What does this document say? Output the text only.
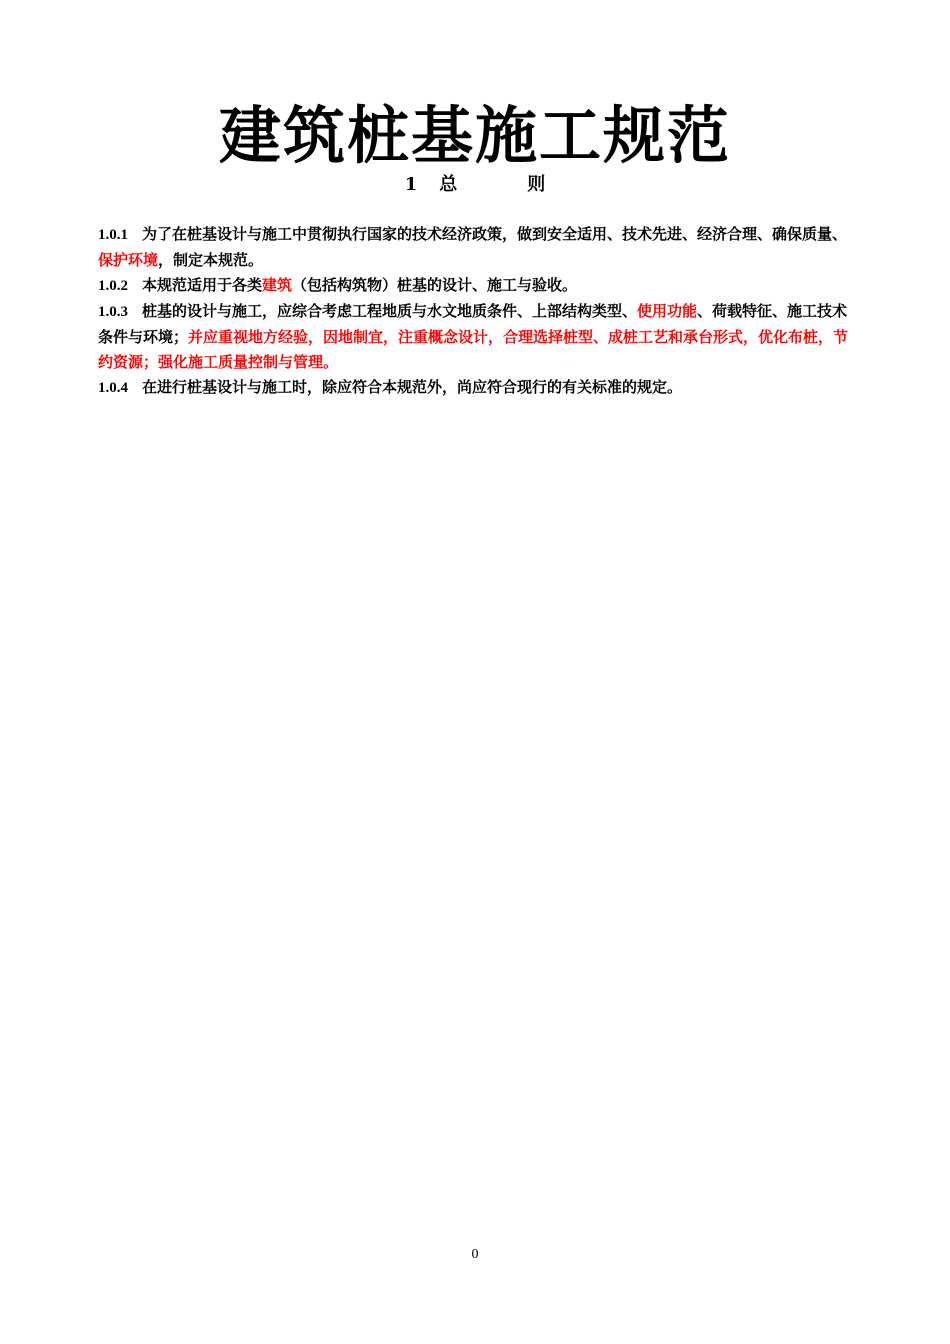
建筑桩基施工规范
1 总	则

1.0.1 为了在桩基设计与施工中贯彻执行国家的技术经济政策，做到安全适用、技术先进、经济合理、确保质量、保护环境，制定本规范。

1.0.2 本规范适用于各类建筑（包括构筑物）桩基的设计、施工与验收。

1.0.3 桩基的设计与施工，应综合考虑工程地质与水文地质条件、上部结构类型、使用功能、荷载特征、施工技术条件与环境；并应重视地方经验，因地制宜，注重概念设计，合理选择桩型、成桩工艺和承台形式，优化布桩，节约资源；强化施工质量控制与管理。

1.0.4 在进行桩基设计与施工时，除应符合本规范外，尚应符合现行的有关标准的规定。

0
